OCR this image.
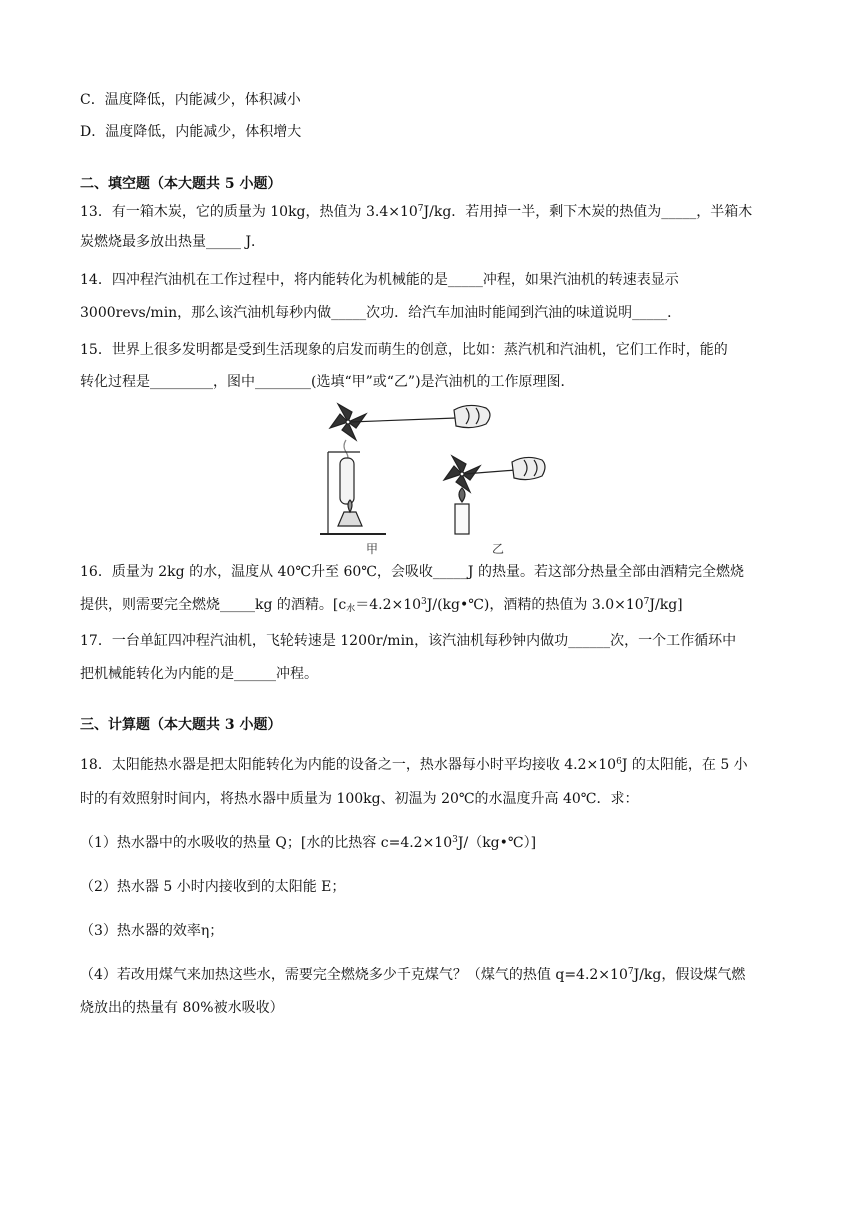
C．温度降低，内能减少，体积减小
D．温度降低，内能减少，体积增大
二、填空题（本大题共 5 小题）
13．有一箱木炭，它的质量为 10kg，热值为 $3.4\times 10^7J/kg$．若用掉一半，剩下木炭的热值为_____，半箱木
炭燃烧最多放出热量_____ J．
14．四冲程汽油机在工作过程中，将内能转化为机械能的是_____冲程，如果汽油机的转速表显示
3000revs/min，那么该汽油机每秒内做_____次功．给汽车加油时能闻到汽油的味道说明_____．
15．世界上很多发明都是受到生活现象的启发而萌生的创意，比如：蒸汽机和汽油机，它们工作时，能的
转化过程是_________，图中________(选填“甲”或“乙”)是汽油机的工作原理图．
甲	乙
16．质量为 2kg 的水，温度从 40℃升至 60℃，会吸收_____J 的热量。若这部分热量全部由酒精完全燃烧
提供，则需要完全燃烧_____kg 的酒精。[$c_水=4.2\times 10^3J/(kg•℃)$，酒精的热值为 $3.0\times 10^7J/kg$]
17．一台单缸四冲程汽油机，飞轮转速是 1200r/min，该汽油机每秒钟内做功______次，一个工作循环中
把机械能转化为内能的是______冲程。
三、计算题（本大题共 3 小题）
18．太阳能热水器是把太阳能转化为内能的设备之一，热水器每小时平均接收 $4.2\times 10^6J$ 的太阳能，在 5 小
时的有效照射时间内，将热水器中质量为 100kg、初温为 20℃的水温度升高 40℃．求：
（1）热水器中的水吸收的热量 Q；[水的比热容 $c=4.2\times 10^3J/(kg•℃)$]
（2）热水器 5 小时内接收到的太阳能 E；
（3）热水器的效率η；
（4）若改用煤气来加热这些水，需要完全燃烧多少千克煤气？（煤气的热值 $q=4.2\times 10^7J/kg$，假设煤气燃
烧放出的热量有 80%被水吸收）
